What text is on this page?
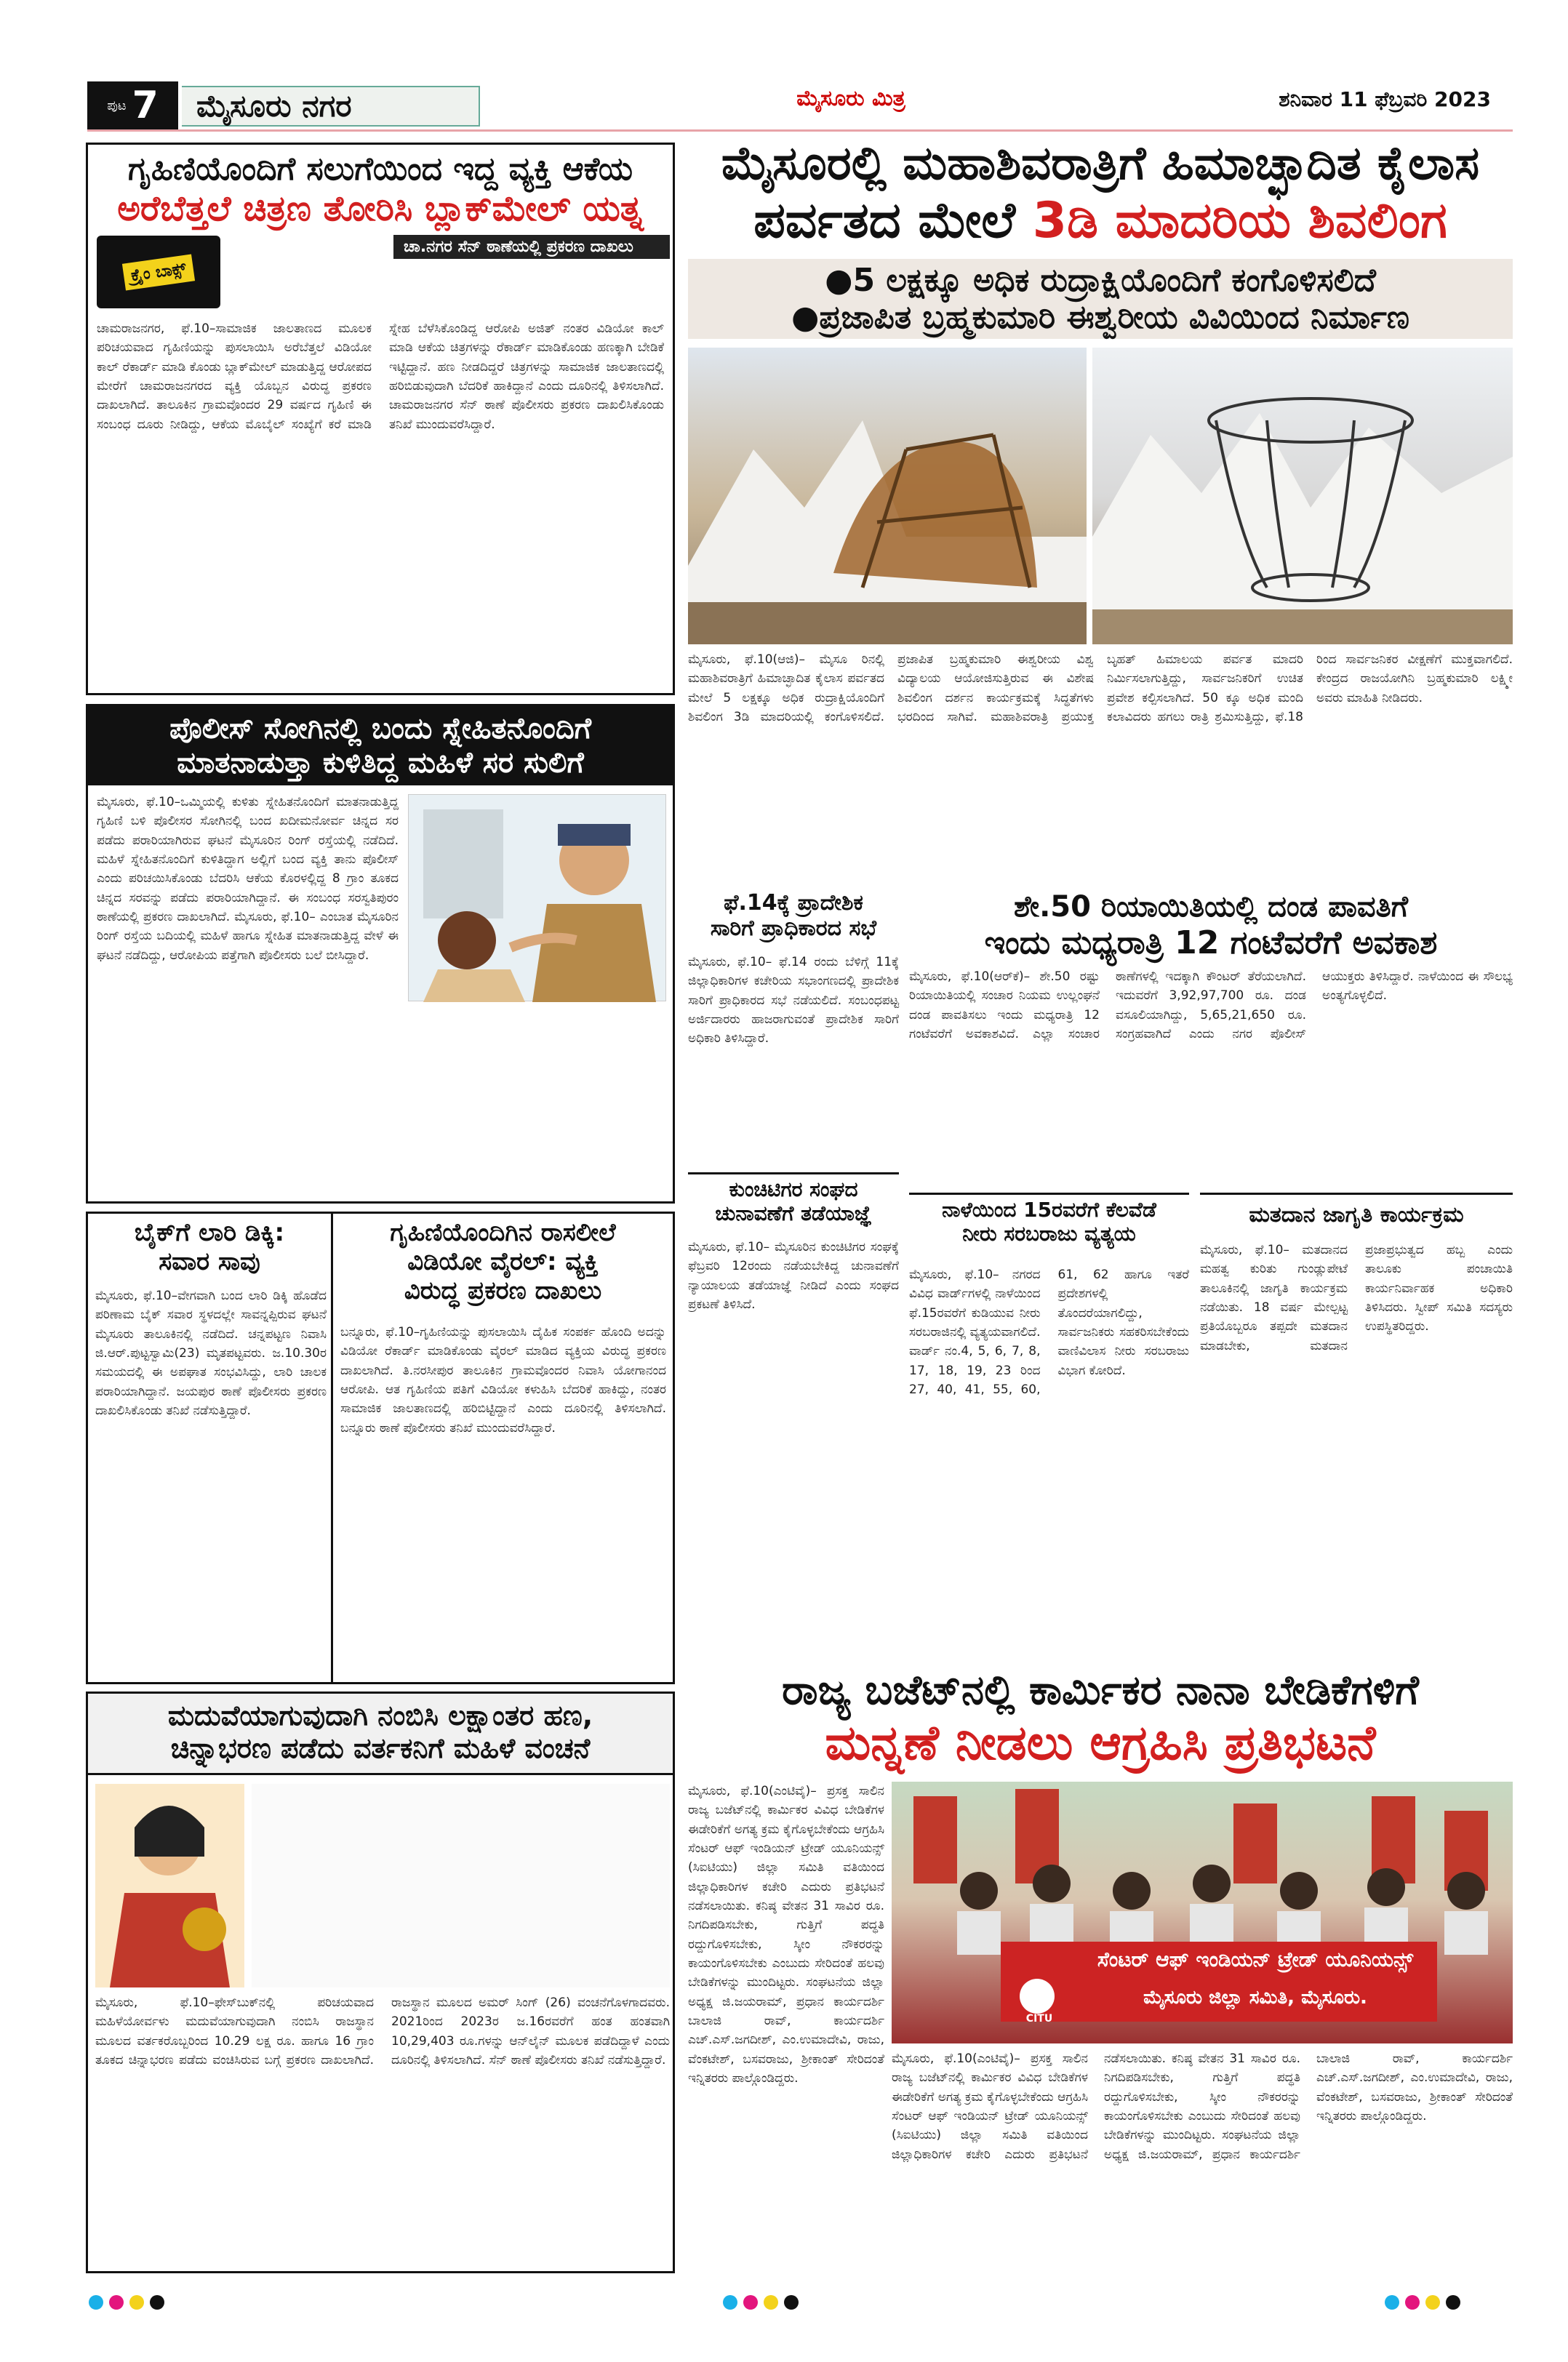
ಪುಟ 7	ಮೈಸೂರು ನಗರ	ಮೈಸೂರು ಮಿತ್ರ	ಶನಿವಾರ 11 ಫೆಬ್ರವರಿ 2023
ಗೃಹಿಣಿಯೊಂದಿಗೆ ಸಲುಗೆಯಿಂದ ಇದ್ದ ವ್ಯಕ್ತಿ ಆಕೆಯ
ಅರೆಬೆತ್ತಲೆ ಚಿತ್ರಣ ತೋರಿಸಿ ಬ್ಲಾಕ್‌ಮೇಲ್ ಯತ್ನ
ಕ್ರೈಂ ಬಾಕ್ಸ್
ಚಾ.ನಗರ ಸೆನ್ ಠಾಣೆಯಲ್ಲಿ ಪ್ರಕರಣ ದಾಖಲು
ಚಾಮರಾಜನಗರ, ಫೆ.10–ಸಾಮಾಜಿಕ ಜಾಲತಾಣದ ಮೂಲಕ ಪರಿಚಯವಾದ ಗೃಹಿಣಿಯನ್ನು ಪುಸಲಾಯಿಸಿ ಅರೆಬೆತ್ತಲೆ ವಿಡಿಯೋ ಕಾಲ್ ರೆಕಾರ್ಡ್ ಮಾಡಿ ಕೊಂಡು ಬ್ಲಾಕ್‌ಮೇಲ್ ಮಾಡುತ್ತಿದ್ದ ಆರೋಪದ ಮೇರೆಗೆ ಚಾಮರಾಜನಗರದ ವ್ಯಕ್ತಿ ಯೊಬ್ಬನ ವಿರುದ್ಧ ಪ್ರಕರಣ ದಾಖಲಾಗಿದೆ. ತಾಲೂಕಿನ ಗ್ರಾಮವೊಂದರ 29 ವರ್ಷದ ಗೃಹಿಣಿ ಈ ಸಂಬಂಧ ದೂರು ನೀಡಿದ್ದು, ಆಕೆಯ ಮೊಬೈಲ್ ಸಂಖ್ಯೆಗೆ ಕರೆ ಮಾಡಿ ಸ್ನೇಹ ಬೆಳೆಸಿಕೊಂಡಿದ್ದ ಆರೋಪಿ ಅಜಿತ್ ನಂತರ ವಿಡಿಯೋ ಕಾಲ್ ಮಾಡಿ ಆಕೆಯ ಚಿತ್ರಗಳನ್ನು ರೆಕಾರ್ಡ್ ಮಾಡಿಕೊಂಡು ಹಣಕ್ಕಾಗಿ ಬೇಡಿಕೆ ಇಟ್ಟಿದ್ದಾನೆ. ಹಣ ನೀಡದಿದ್ದರೆ ಚಿತ್ರಗಳನ್ನು ಸಾಮಾಜಿಕ ಜಾಲತಾಣದಲ್ಲಿ ಹರಿಬಿಡುವುದಾಗಿ ಬೆದರಿಕೆ ಹಾಕಿದ್ದಾನೆ ಎಂದು ದೂರಿನಲ್ಲಿ ತಿಳಿಸಲಾಗಿದೆ. ಚಾಮರಾಜನಗರ ಸೆನ್ ಠಾಣೆ ಪೊಲೀಸರು ಪ್ರಕರಣ ದಾಖಲಿಸಿಕೊಂಡು ತನಿಖೆ ಮುಂದುವರೆಸಿದ್ದಾರೆ.
ಮೈಸೂರಲ್ಲಿ ಮಹಾಶಿವರಾತ್ರಿಗೆ ಹಿಮಾಚ್ಛಾದಿತ ಕೈಲಾಸ
ಪರ್ವತದ ಮೇಲೆ 3ಡಿ ಮಾದರಿಯ ಶಿವಲಿಂಗ
●5 ಲಕ್ಷಕ್ಕೂ ಅಧಿಕ ರುದ್ರಾಕ್ಷಿಯೊಂದಿಗೆ ಕಂಗೊಳಿಸಲಿದೆ
●ಪ್ರಜಾಪಿತ ಬ್ರಹ್ಮಕುಮಾರಿ ಈಶ್ವರೀಯ ವಿವಿಯಿಂದ ನಿರ್ಮಾಣ
ಮೈಸೂರು, ಫೆ.10(ಆಜಿ)– ಮೈಸೂ ರಿನಲ್ಲಿ ಮಹಾಶಿವರಾತ್ರಿಗೆ ಹಿಮಾಚ್ಛಾದಿತ ಕೈಲಾಸ ಪರ್ವತದ ಮೇಲೆ 5 ಲಕ್ಷಕ್ಕೂ ಅಧಿಕ ರುದ್ರಾಕ್ಷಿಯೊಂದಿಗೆ ಶಿವಲಿಂಗ 3ಡಿ ಮಾದರಿಯಲ್ಲಿ ಕಂಗೊಳಿಸಲಿದೆ. ಪ್ರಜಾಪಿತ ಬ್ರಹ್ಮಕುಮಾರಿ ಈಶ್ವರೀಯ ವಿಶ್ವ ವಿದ್ಯಾಲಯ ಆಯೋಜಿಸುತ್ತಿರುವ ಈ ವಿಶೇಷ ಶಿವಲಿಂಗ ದರ್ಶನ ಕಾರ್ಯಕ್ರಮಕ್ಕೆ ಸಿದ್ಧತೆಗಳು ಭರದಿಂದ ಸಾಗಿವೆ. ಮಹಾಶಿವರಾತ್ರಿ ಪ್ರಯುಕ್ತ ಬೃಹತ್ ಹಿಮಾಲಯ ಪರ್ವತ ಮಾದರಿ ನಿರ್ಮಿಸಲಾಗುತ್ತಿದ್ದು, ಸಾರ್ವಜನಿಕರಿಗೆ ಉಚಿತ ಪ್ರವೇಶ ಕಲ್ಪಿಸಲಾಗಿದೆ. 50 ಕ್ಕೂ ಅಧಿಕ ಮಂದಿ ಕಲಾವಿದರು ಹಗಲು ರಾತ್ರಿ ಶ್ರಮಿಸುತ್ತಿದ್ದು, ಫೆ.18 ರಿಂದ ಸಾರ್ವಜನಿಕರ ವೀಕ್ಷಣೆಗೆ ಮುಕ್ತವಾಗಲಿದೆ. ಕೇಂದ್ರದ ರಾಜಯೋಗಿನಿ ಬ್ರಹ್ಮಕುಮಾರಿ ಲಕ್ಷ್ಮೀ ಅವರು ಮಾಹಿತಿ ನೀಡಿದರು.
ಪೊಲೀಸ್ ಸೋಗಿನಲ್ಲಿ ಬಂದು ಸ್ನೇಹಿತನೊಂದಿಗೆ
ಮಾತನಾಡುತ್ತಾ ಕುಳಿತಿದ್ದ ಮಹಿಳೆ ಸರ ಸುಲಿಗೆ
ಮೈಸೂರು, ಫೆ.10–ಒಮ್ಮಿಯಲ್ಲಿ ಕುಳಿತು ಸ್ನೇಹಿತನೊಂದಿಗೆ ಮಾತನಾಡುತ್ತಿದ್ದ ಗೃಹಿಣಿ ಬಳಿ ಪೊಲೀಸರ ಸೋಗಿನಲ್ಲಿ ಬಂದ ಖದೀಮನೋರ್ವ ಚಿನ್ನದ ಸರ ಪಡೆದು ಪರಾರಿಯಾಗಿರುವ ಘಟನೆ ಮೈಸೂರಿನ ರಿಂಗ್ ರಸ್ತೆಯಲ್ಲಿ ನಡೆದಿದೆ. ಮಹಿಳೆ ಸ್ನೇಹಿತನೊಂದಿಗೆ ಕುಳಿತಿದ್ದಾಗ ಅಲ್ಲಿಗೆ ಬಂದ ವ್ಯಕ್ತಿ ತಾನು ಪೊಲೀಸ್ ಎಂದು ಪರಿಚಯಿಸಿಕೊಂಡು ಬೆದರಿಸಿ ಆಕೆಯ ಕೊರಳಲ್ಲಿದ್ದ 8 ಗ್ರಾಂ ತೂಕದ ಚಿನ್ನದ ಸರವನ್ನು ಪಡೆದು ಪರಾರಿಯಾಗಿದ್ದಾನೆ. ಈ ಸಂಬಂಧ ಸರಸ್ವತಿಪುರಂ ಠಾಣೆಯಲ್ಲಿ ಪ್ರಕರಣ ದಾಖಲಾಗಿದೆ. ಮೈಸೂರು, ಫೆ.10– ಎಂಬಾತ ಮೈಸೂರಿನ ರಿಂಗ್ ರಸ್ತೆಯ ಬದಿಯಲ್ಲಿ ಮಹಿಳೆ ಹಾಗೂ ಸ್ನೇಹಿತ ಮಾತನಾಡುತ್ತಿದ್ದ ವೇಳೆ ಈ ಘಟನೆ ನಡೆದಿದ್ದು, ಆರೋಪಿಯ ಪತ್ತೆಗಾಗಿ ಪೊಲೀಸರು ಬಲೆ ಬೀಸಿದ್ದಾರೆ.
ಫೆ.14ಕ್ಕೆ ಪ್ರಾದೇಶಿಕ
ಸಾರಿಗೆ ಪ್ರಾಧಿಕಾರದ ಸಭೆ
ಮೈಸೂರು, ಫೆ.10– ಫೆ.14 ರಂದು ಬೆಳಿಗ್ಗೆ 11ಕ್ಕೆ ಜಿಲ್ಲಾಧಿಕಾರಿಗಳ ಕಚೇರಿಯ ಸಭಾಂಗಣದಲ್ಲಿ ಪ್ರಾದೇಶಿಕ ಸಾರಿಗೆ ಪ್ರಾಧಿಕಾರದ ಸಭೆ ನಡೆಯಲಿದೆ. ಸಂಬಂಧಪಟ್ಟ ಅರ್ಜಿದಾರರು ಹಾಜರಾಗುವಂತೆ ಪ್ರಾದೇಶಿಕ ಸಾರಿಗೆ ಅಧಿಕಾರಿ ತಿಳಿಸಿದ್ದಾರೆ.
ಕುಂಚಿಟಿಗರ ಸಂಘದ
ಚುನಾವಣೆಗೆ ತಡೆಯಾಜ್ಞೆ
ಮೈಸೂರು, ಫೆ.10– ಮೈಸೂರಿನ ಕುಂಚಿಟಿಗರ ಸಂಘಕ್ಕೆ ಫೆಬ್ರವರಿ 12ರಂದು ನಡೆಯಬೇಕಿದ್ದ ಚುನಾವಣೆಗೆ ನ್ಯಾಯಾಲಯ ತಡೆಯಾಜ್ಞೆ ನೀಡಿದೆ ಎಂದು ಸಂಘದ ಪ್ರಕಟಣೆ ತಿಳಿಸಿದೆ.
ಶೇ.50 ರಿಯಾಯಿತಿಯಲ್ಲಿ ದಂಡ ಪಾವತಿಗೆ
ಇಂದು ಮಧ್ಯರಾತ್ರಿ 12 ಗಂಟೆವರೆಗೆ ಅವಕಾಶ
ಮೈಸೂರು, ಫೆ.10(ಆರ್‌ಕೆ)– ಶೇ.50 ರಷ್ಟು ರಿಯಾಯಿತಿಯಲ್ಲಿ ಸಂಚಾರ ನಿಯಮ ಉಲ್ಲಂಘನೆ ದಂಡ ಪಾವತಿಸಲು ಇಂದು ಮಧ್ಯರಾತ್ರಿ 12 ಗಂಟೆವರೆಗೆ ಅವಕಾಶವಿದೆ. ಎಲ್ಲಾ ಸಂಚಾರ ಠಾಣೆಗಳಲ್ಲಿ ಇದಕ್ಕಾಗಿ ಕೌಂಟರ್ ತೆರೆಯಲಾಗಿದೆ. ಇದುವರೆಗೆ 3,92,97,700 ರೂ. ದಂಡ ವಸೂಲಿಯಾಗಿದ್ದು, 5,65,21,650 ರೂ. ಸಂಗ್ರಹವಾಗಿದೆ ಎಂದು ನಗರ ಪೊಲೀಸ್ ಆಯುಕ್ತರು ತಿಳಿಸಿದ್ದಾರೆ. ನಾಳೆಯಿಂದ ಈ ಸೌಲಭ್ಯ ಅಂತ್ಯಗೊಳ್ಳಲಿದೆ.
ನಾಳೆಯಿಂದ 15ರವರೆಗೆ ಕೆಲವೆಡೆ
ನೀರು ಸರಬರಾಜು ವ್ಯತ್ಯಯ
ಮೈಸೂರು, ಫೆ.10– ನಗರದ ವಿವಿಧ ವಾರ್ಡ್‌ಗಳಲ್ಲಿ ನಾಳೆಯಿಂದ ಫೆ.15ರವರೆಗೆ ಕುಡಿಯುವ ನೀರು ಸರಬರಾಜಿನಲ್ಲಿ ವ್ಯತ್ಯಯವಾಗಲಿದೆ. ವಾರ್ಡ್ ನಂ.4, 5, 6, 7, 8, 17, 18, 19, 23 ರಿಂದ 27, 40, 41, 55, 60, 61, 62 ಹಾಗೂ ಇತರೆ ಪ್ರದೇಶಗಳಲ್ಲಿ ತೊಂದರೆಯಾಗಲಿದ್ದು, ಸಾರ್ವಜನಿಕರು ಸಹಕರಿಸಬೇಕೆಂದು ವಾಣಿವಿಲಾಸ ನೀರು ಸರಬರಾಜು ವಿಭಾಗ ಕೋರಿದೆ.
ಮತದಾನ ಜಾಗೃತಿ ಕಾರ್ಯಕ್ರಮ
ಮೈಸೂರು, ಫೆ.10– ಮತದಾನದ ಮಹತ್ವ ಕುರಿತು ಗುಂಡ್ಲುಪೇಟೆ ತಾಲೂಕಿನಲ್ಲಿ ಜಾಗೃತಿ ಕಾರ್ಯಕ್ರಮ ನಡೆಯಿತು. 18 ವರ್ಷ ಮೇಲ್ಪಟ್ಟ ಪ್ರತಿಯೊಬ್ಬರೂ ತಪ್ಪದೇ ಮತದಾನ ಮಾಡಬೇಕು, ಮತದಾನ ಪ್ರಜಾಪ್ರಭುತ್ವದ ಹಬ್ಬ ಎಂದು ತಾಲೂಕು ಪಂಚಾಯಿತಿ ಕಾರ್ಯನಿರ್ವಾಹಕ ಅಧಿಕಾರಿ ತಿಳಿಸಿದರು. ಸ್ವೀಪ್ ಸಮಿತಿ ಸದಸ್ಯರು ಉಪಸ್ಥಿತರಿದ್ದರು.
ಬೈಕ್‌ಗೆ ಲಾರಿ ಡಿಕ್ಕಿ:
ಸವಾರ ಸಾವು
ಮೈಸೂರು, ಫೆ.10–ವೇಗವಾಗಿ ಬಂದ ಲಾರಿ ಡಿಕ್ಕಿ ಹೊಡೆದ ಪರಿಣಾಮ ಬೈಕ್ ಸವಾರ ಸ್ಥಳದಲ್ಲೇ ಸಾವನ್ನಪ್ಪಿರುವ ಘಟನೆ ಮೈಸೂರು ತಾಲೂಕಿನಲ್ಲಿ ನಡೆದಿದೆ. ಚನ್ನಪಟ್ಟಣ ನಿವಾಸಿ ಜಿ.ಆರ್.ಪುಟ್ಟಸ್ವಾಮಿ(23) ಮೃತಪಟ್ಟವರು. ಜ.10.30ರ ಸಮಯದಲ್ಲಿ ಈ ಅಪಘಾತ ಸಂಭವಿಸಿದ್ದು, ಲಾರಿ ಚಾಲಕ ಪರಾರಿಯಾಗಿದ್ದಾನೆ. ಜಯಪುರ ಠಾಣೆ ಪೊಲೀಸರು ಪ್ರಕರಣ ದಾಖಲಿಸಿಕೊಂಡು ತನಿಖೆ ನಡೆಸುತ್ತಿದ್ದಾರೆ.
ಗೃಹಿಣಿಯೊಂದಿಗಿನ ರಾಸಲೀಲೆ
ವಿಡಿಯೋ ವೈರಲ್: ವ್ಯಕ್ತಿ
ವಿರುದ್ಧ ಪ್ರಕರಣ ದಾಖಲು
ಬನ್ನೂರು, ಫೆ.10–ಗೃಹಿಣಿಯನ್ನು ಪುಸಲಾಯಿಸಿ ದೈಹಿಕ ಸಂಪರ್ಕ ಹೊಂದಿ ಅದನ್ನು ವಿಡಿಯೋ ರೆಕಾರ್ಡ್ ಮಾಡಿಕೊಂಡು ವೈರಲ್ ಮಾಡಿದ ವ್ಯಕ್ತಿಯ ವಿರುದ್ಧ ಪ್ರಕರಣ ದಾಖಲಾಗಿದೆ. ತಿ.ನರಸೀಪುರ ತಾಲೂಕಿನ ಗ್ರಾಮವೊಂದರ ನಿವಾಸಿ ಯೋಗಾನಂದ ಆರೋಪಿ. ಆತ ಗೃಹಿಣಿಯ ಪತಿಗೆ ವಿಡಿಯೋ ಕಳುಹಿಸಿ ಬೆದರಿಕೆ ಹಾಕಿದ್ದು, ನಂತರ ಸಾಮಾಜಿಕ ಜಾಲತಾಣದಲ್ಲಿ ಹರಿಬಿಟ್ಟಿದ್ದಾನೆ ಎಂದು ದೂರಿನಲ್ಲಿ ತಿಳಿಸಲಾಗಿದೆ. ಬನ್ನೂರು ಠಾಣೆ ಪೊಲೀಸರು ತನಿಖೆ ಮುಂದುವರೆಸಿದ್ದಾರೆ.
ಮದುವೆಯಾಗುವುದಾಗಿ ನಂಬಿಸಿ ಲಕ್ಷಾಂತರ ಹಣ,
ಚಿನ್ನಾಭರಣ ಪಡೆದು ವರ್ತಕನಿಗೆ ಮಹಿಳೆ ವಂಚನೆ
ಮೈಸೂರು, ಫೆ.10–ಫೇಸ್‌ಬುಕ್‌ನಲ್ಲಿ ಪರಿಚಯವಾದ ಮಹಿಳೆಯೋರ್ವಳು ಮದುವೆಯಾಗುವುದಾಗಿ ನಂಬಿಸಿ ರಾಜಸ್ಥಾನ ಮೂಲದ ವರ್ತಕರೊಬ್ಬರಿಂದ 10.29 ಲಕ್ಷ ರೂ. ಹಾಗೂ 16 ಗ್ರಾಂ ತೂಕದ ಚಿನ್ನಾಭರಣ ಪಡೆದು ವಂಚಿಸಿರುವ ಬಗ್ಗೆ ಪ್ರಕರಣ ದಾಖಲಾಗಿದೆ. ರಾಜಸ್ಥಾನ ಮೂಲದ ಅಮರ್ ಸಿಂಗ್ (26) ವಂಚನೆಗೊಳಗಾದವರು. 2021ರಿಂದ 2023ರ ಜ.16ರವರೆಗೆ ಹಂತ ಹಂತವಾಗಿ 10,29,403 ರೂ.ಗಳನ್ನು ಆನ್‌ಲೈನ್ ಮೂಲಕ ಪಡೆದಿದ್ದಾಳೆ ಎಂದು ದೂರಿನಲ್ಲಿ ತಿಳಿಸಲಾಗಿದೆ. ಸೆನ್ ಠಾಣೆ ಪೊಲೀಸರು ತನಿಖೆ ನಡೆಸುತ್ತಿದ್ದಾರೆ.
ರಾಜ್ಯ ಬಜೆಟ್‌ನಲ್ಲಿ ಕಾರ್ಮಿಕರ ನಾನಾ ಬೇಡಿಕೆಗಳಿಗೆ
ಮನ್ನಣೆ ನೀಡಲು ಆಗ್ರಹಿಸಿ ಪ್ರತಿಭಟನೆ
ಮೈಸೂರು, ಫೆ.10(ಎಂಟಿವೈ)– ಪ್ರಸಕ್ತ ಸಾಲಿನ ರಾಜ್ಯ ಬಜೆಟ್‌ನಲ್ಲಿ ಕಾರ್ಮಿಕರ ವಿವಿಧ ಬೇಡಿಕೆಗಳ ಈಡೇರಿಕೆಗೆ ಅಗತ್ಯ ಕ್ರಮ ಕೈಗೊಳ್ಳಬೇಕೆಂದು ಆಗ್ರಹಿಸಿ ಸೆಂಟರ್ ಆಫ್ ಇಂಡಿಯನ್ ಟ್ರೇಡ್ ಯೂನಿಯನ್ಸ್ (ಸಿಐಟಿಯು) ಜಿಲ್ಲಾ ಸಮಿತಿ ವತಿಯಿಂದ ಜಿಲ್ಲಾಧಿಕಾರಿಗಳ ಕಚೇರಿ ಎದುರು ಪ್ರತಿಭಟನೆ ನಡೆಸಲಾಯಿತು. ಕನಿಷ್ಠ ವೇತನ 31 ಸಾವಿರ ರೂ. ನಿಗದಿಪಡಿಸಬೇಕು, ಗುತ್ತಿಗೆ ಪದ್ಧತಿ ರದ್ದುಗೊಳಿಸಬೇಕು, ಸ್ಕೀಂ ನೌಕರರನ್ನು ಕಾಯಂಗೊಳಿಸಬೇಕು ಎಂಬುದು ಸೇರಿದಂತೆ ಹಲವು ಬೇಡಿಕೆಗಳನ್ನು ಮುಂದಿಟ್ಟರು. ಸಂಘಟನೆಯ ಜಿಲ್ಲಾ ಅಧ್ಯಕ್ಷ ಜಿ.ಜಯರಾಮ್, ಪ್ರಧಾನ ಕಾರ್ಯದರ್ಶಿ ಬಾಲಾಜಿ ರಾವ್, ಕಾರ್ಯದರ್ಶಿ ಎಚ್.ಎಸ್.ಜಗದೀಶ್, ಎಂ.ಉಮಾದೇವಿ, ರಾಜು, ವೆಂಕಟೇಶ್, ಬಸವರಾಜು, ಶ್ರೀಕಾಂತ್ ಸೇರಿದಂತೆ ಇನ್ನಿತರರು ಪಾಲ್ಗೊಂಡಿದ್ದರು.
ಸೆಂಟರ್ ಆಫ್ ಇಂಡಿಯನ್ ಟ್ರೇಡ್ ಯೂನಿಯನ್ಸ್
ಮೈಸೂರು ಜಿಲ್ಲಾ ಸಮಿತಿ, ಮೈಸೂರು.
CITU
ಮೈಸೂರು, ಫೆ.10(ಎಂಟಿವೈ)– ಪ್ರಸಕ್ತ ಸಾಲಿನ ರಾಜ್ಯ ಬಜೆಟ್‌ನಲ್ಲಿ ಕಾರ್ಮಿಕರ ವಿವಿಧ ಬೇಡಿಕೆಗಳ ಈಡೇರಿಕೆಗೆ ಅಗತ್ಯ ಕ್ರಮ ಕೈಗೊಳ್ಳಬೇಕೆಂದು ಆಗ್ರಹಿಸಿ ಸೆಂಟರ್ ಆಫ್ ಇಂಡಿಯನ್ ಟ್ರೇಡ್ ಯೂನಿಯನ್ಸ್ (ಸಿಐಟಿಯು) ಜಿಲ್ಲಾ ಸಮಿತಿ ವತಿಯಿಂದ ಜಿಲ್ಲಾಧಿಕಾರಿಗಳ ಕಚೇರಿ ಎದುರು ಪ್ರತಿಭಟನೆ ನಡೆಸಲಾಯಿತು. ಕನಿಷ್ಠ ವೇತನ 31 ಸಾವಿರ ರೂ. ನಿಗದಿಪಡಿಸಬೇಕು, ಗುತ್ತಿಗೆ ಪದ್ಧತಿ ರದ್ದುಗೊಳಿಸಬೇಕು, ಸ್ಕೀಂ ನೌಕರರನ್ನು ಕಾಯಂಗೊಳಿಸಬೇಕು ಎಂಬುದು ಸೇರಿದಂತೆ ಹಲವು ಬೇಡಿಕೆಗಳನ್ನು ಮುಂದಿಟ್ಟರು. ಸಂಘಟನೆಯ ಜಿಲ್ಲಾ ಅಧ್ಯಕ್ಷ ಜಿ.ಜಯರಾಮ್, ಪ್ರಧಾನ ಕಾರ್ಯದರ್ಶಿ ಬಾಲಾಜಿ ರಾವ್, ಕಾರ್ಯದರ್ಶಿ ಎಚ್.ಎಸ್.ಜಗದೀಶ್, ಎಂ.ಉಮಾದೇವಿ, ರಾಜು, ವೆಂಕಟೇಶ್, ಬಸವರಾಜು, ಶ್ರೀಕಾಂತ್ ಸೇರಿದಂತೆ ಇನ್ನಿತರರು ಪಾಲ್ಗೊಂಡಿದ್ದರು.
